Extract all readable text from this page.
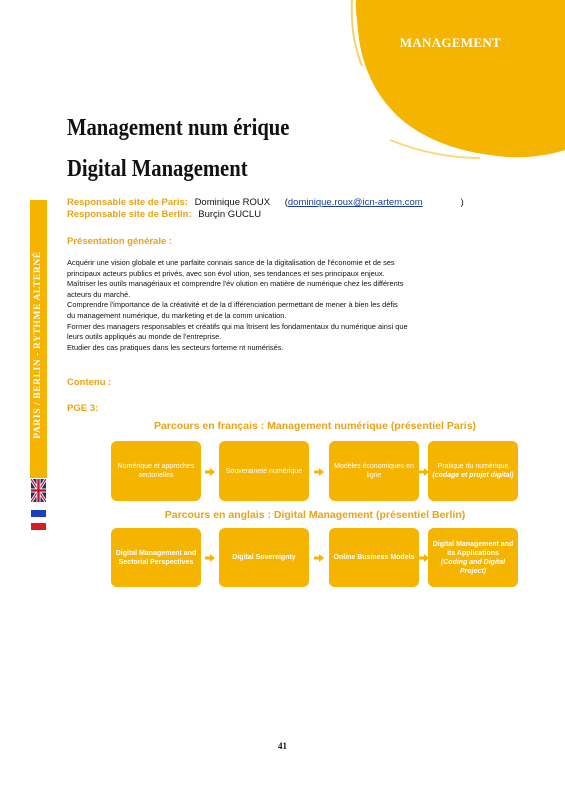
MANAGEMENT
PARIS / BERLIN - RYTHME ALTERNÉ
Management num érique
Digital Management
Responsable site de Paris: Dominique ROUX (dominique.roux@icn-artem.com	)
Responsable site de Berlin: Burçin GUCLU
Présentation générale :
Acquérir une vision globale et une parfaite connais sance de la digitalisation de l'économie et de ses
principaux acteurs publics et privés, avec son évol ution, ses tendances et ses principaux enjeux.
Maîtriser les outils managériaux et comprendre l'év olution en matière de numérique chez les différents
acteurs du marché.
Comprendre l'importance de la créativité et de la d ifférenciation permettant de mener à bien les défis
du management numérique, du marketing et de la comm unication.
Former des managers responsables et créatifs qui ma îtrisent les fondamentaux du numérique ainsi que
leurs outils appliqués au monde de l'entreprise.
Etudier des cas pratiques dans les secteurs forteme nt numérisés.
Contenu :
PGE 3:
Parcours en français : Management numérique (présentiel Paris)
Numérique et approches sectorielles
Souveraineté numérique
Modèles économiques en ligne
Pratique du numérique
(codage et projet digital)
Parcours en anglais : Digital Management (présentiel Berlin)
Digital Management and Sectorial Perspectives
Digital Sovereignty	Online Business Models
Digital Management and its Applications
(Coding and Digital Project)
41
